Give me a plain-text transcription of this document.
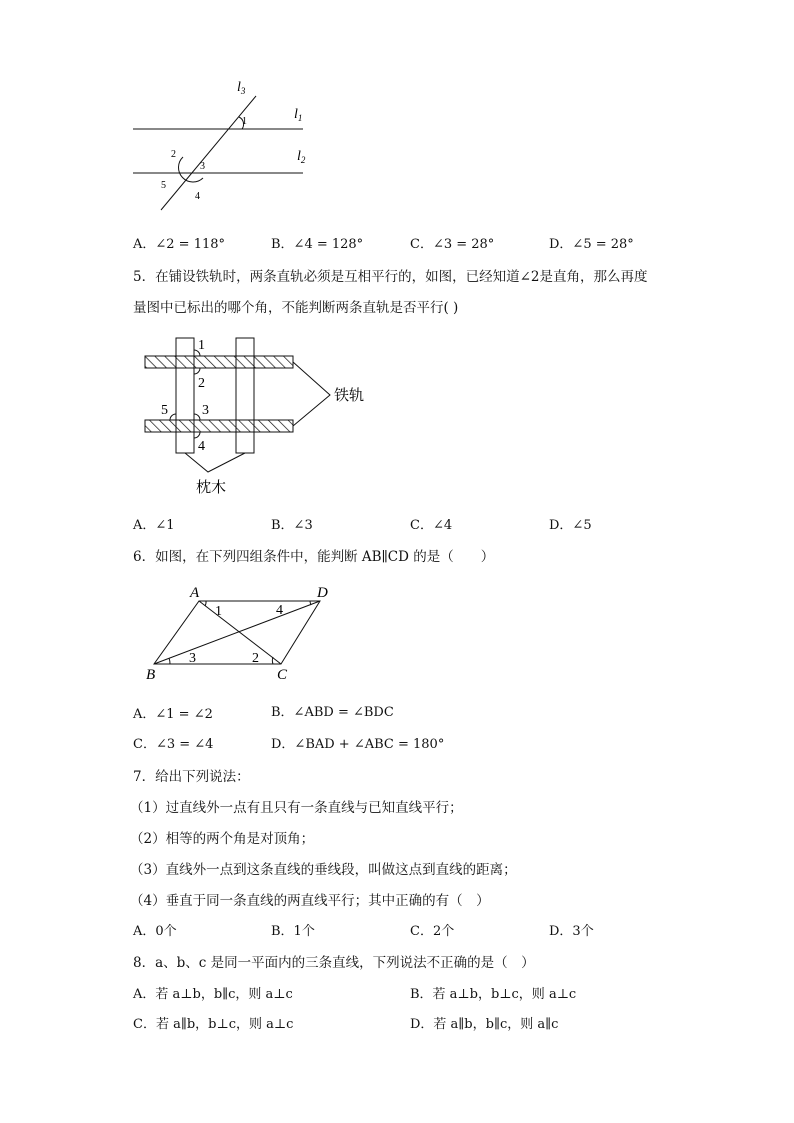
$l_3$
$l_1$
$l_2$
1
2
3
5
4
A．∠2 = 118°	B．∠4 = 128°	C．∠3 = 28°	D．∠5 = 28°
5．在铺设铁轨时，两条直轨必须是互相平行的，如图，已经知道∠2是直角，那么再度
量图中已标出的哪个角，不能判断两条直轨是否平行( )
1
2
5 3
4
铁轨
枕木
A．∠1	B．∠3	C．∠4	D．∠5
6．如图，在下列四组条件中，能判断 AB∥CD 的是（　　）
A	D
B	C
1	4
3	2
A．∠1 = ∠2	B．∠ABD = ∠BDC
C．∠3 = ∠4	D．∠BAD + ∠ABC = 180°
7．给出下列说法：
（1）过直线外一点有且只有一条直线与已知直线平行；
（2）相等的两个角是对顶角；
（3）直线外一点到这条直线的垂线段，叫做这点到直线的距离；
（4）垂直于同一条直线的两直线平行；其中正确的有（　）
A．0个	B．1个	C．2个	D．3个
8．a、b、c 是同一平面内的三条直线，下列说法不正确的是（　）
A．若 a⊥b，b∥c，则 a⊥c	B．若 a⊥b，b⊥c，则 a⊥c
C．若 a∥b，b⊥c，则 a⊥c	D．若 a∥b，b∥c，则 a∥c
